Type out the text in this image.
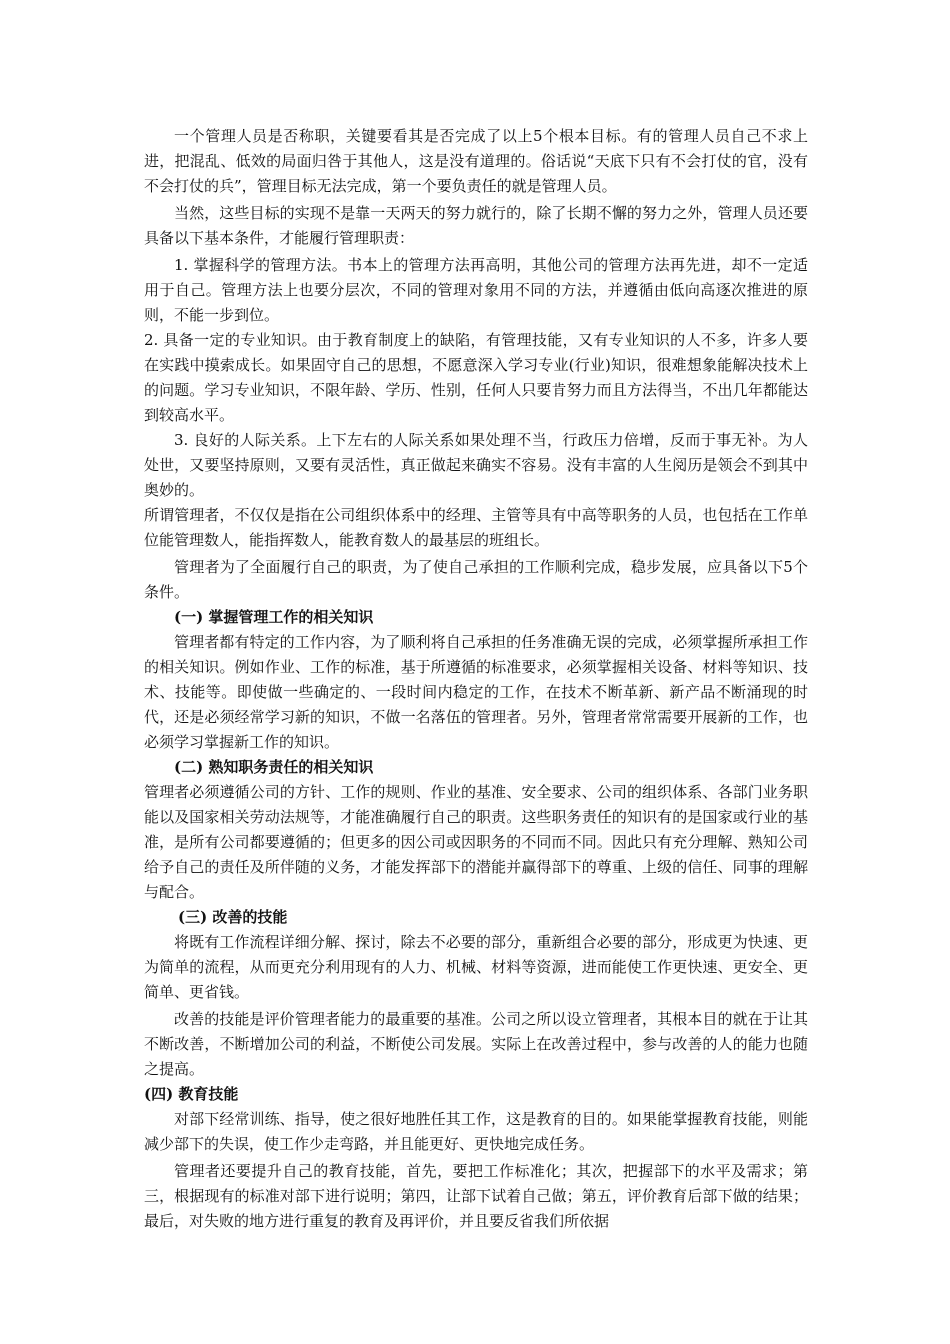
一个管理人员是否称职，关键要看其是否完成了以上5个根本目标。有的管理人员自己不求上进，把混乱、低效的局面归咎于其他人，这是没有道理的。俗话说“天底下只有不会打仗的官，没有不会打仗的兵”，管理目标无法完成，第一个要负责任的就是管理人员。

当然，这些目标的实现不是靠一天两天的努力就行的，除了长期不懈的努力之外，管理人员还要具备以下基本条件，才能履行管理职责：

1. 掌握科学的管理方法。书本上的管理方法再高明，其他公司的管理方法再先进，却不一定适用于自己。管理方法上也要分层次，不同的管理对象用不同的方法，并遵循由低向高逐次推进的原则，不能一步到位。

2. 具备一定的专业知识。由于教育制度上的缺陷，有管理技能，又有专业知识的人不多，许多人要在实践中摸索成长。如果固守自己的思想，不愿意深入学习专业(行业)知识，很难想象能解决技术上的问题。学习专业知识，不限年龄、学历、性别，任何人只要肯努力而且方法得当，不出几年都能达到较高水平。

3. 良好的人际关系。上下左右的人际关系如果处理不当，行政压力倍增，反而于事无补。为人处世，又要坚持原则，又要有灵活性，真正做起来确实不容易。没有丰富的人生阅历是领会不到其中奥妙的。

所谓管理者，不仅仅是指在公司组织体系中的经理、主管等具有中高等职务的人员，也包括在工作单位能管理数人，能指挥数人，能教育数人的最基层的班组长。

管理者为了全面履行自己的职责，为了使自己承担的工作顺利完成，稳步发展，应具备以下5个条件。

(一) 掌握管理工作的相关知识

管理者都有特定的工作内容，为了顺利将自己承担的任务准确无误的完成，必须掌握所承担工作的相关知识。例如作业、工作的标准，基于所遵循的标准要求，必须掌握相关设备、材料等知识、技术、技能等。即使做一些确定的、一段时间内稳定的工作，在技术不断革新、新产品不断涌现的时代，还是必须经常学习新的知识，不做一名落伍的管理者。另外，管理者常常需要开展新的工作，也必须学习掌握新工作的知识。

(二) 熟知职务责任的相关知识

管理者必须遵循公司的方针、工作的规则、作业的基准、安全要求、公司的组织体系、各部门业务职能以及国家相关劳动法规等，才能准确履行自己的职责。这些职务责任的知识有的是国家或行业的基准，是所有公司都要遵循的；但更多的因公司或因职务的不同而不同。因此只有充分理解、熟知公司给予自己的责任及所伴随的义务，才能发挥部下的潜能并赢得部下的尊重、上级的信任、同事的理解与配合。

(三) 改善的技能

将既有工作流程详细分解、探讨，除去不必要的部分，重新组合必要的部分，形成更为快速、更为简单的流程，从而更充分利用现有的人力、机械、材料等资源，进而能使工作更快速、更安全、更简单、更省钱。

改善的技能是评价管理者能力的最重要的基准。公司之所以设立管理者，其根本目的就在于让其不断改善，不断增加公司的利益，不断使公司发展。实际上在改善过程中，参与改善的人的能力也随之提高。

(四) 教育技能

对部下经常训练、指导，使之很好地胜任其工作，这是教育的目的。如果能掌握教育技能，则能减少部下的失误，使工作少走弯路，并且能更好、更快地完成任务。

管理者还要提升自己的教育技能，首先，要把工作标准化；其次，把握部下的水平及需求；第三，根据现有的标准对部下进行说明；第四，让部下试着自己做；第五，评价教育后部下做的结果；最后，对失败的地方进行重复的教育及再评价，并且要反省我们所依据
